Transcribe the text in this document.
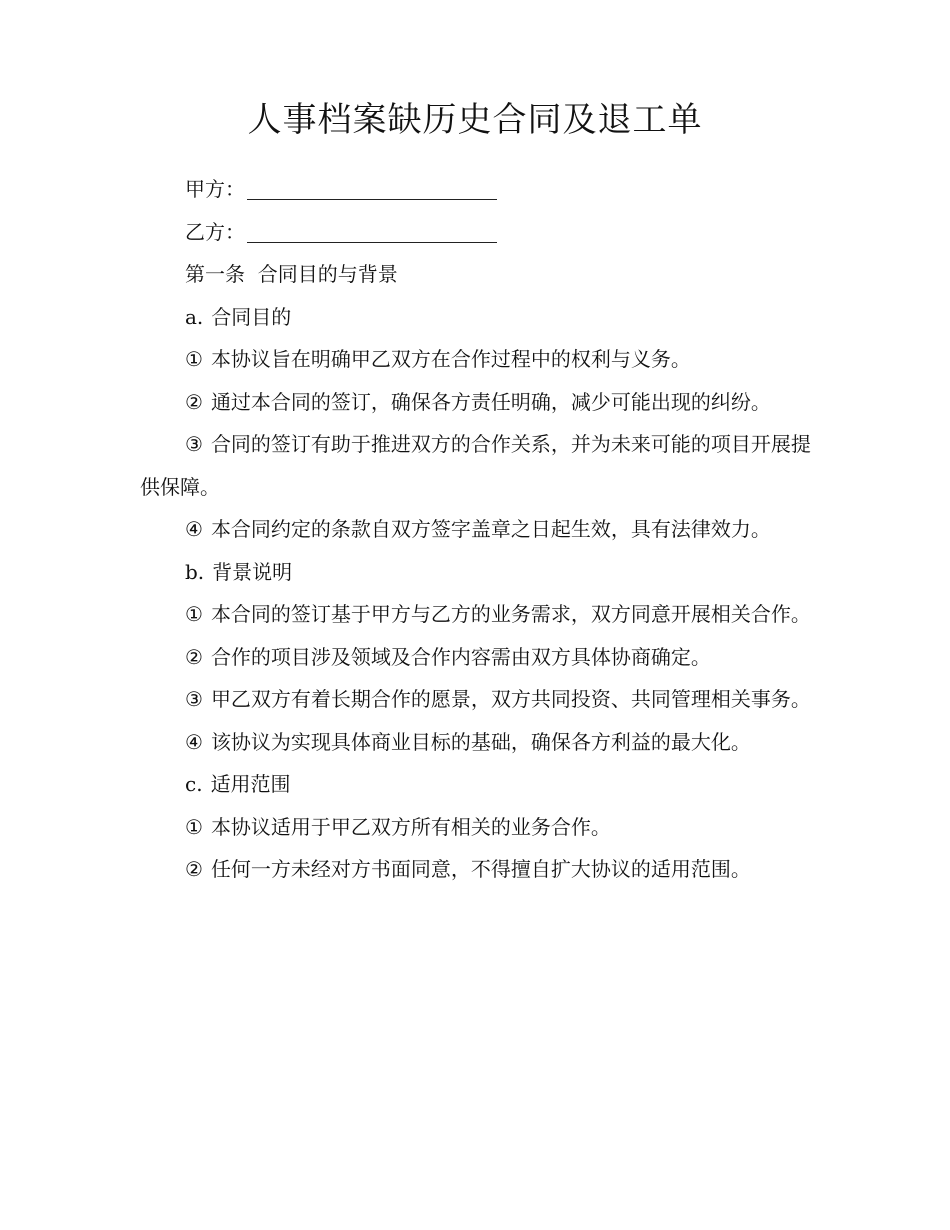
人事档案缺历史合同及退工单
甲方：
乙方：

第一条  合同目的与背景

a. 合同目的

① 本协议旨在明确甲乙双方在合作过程中的权利与义务。

② 通过本合同的签订，确保各方责任明确，减少可能出现的纠纷。

③ 合同的签订有助于推进双方的合作关系，并为未来可能的项目开展提供保障。

④ 本合同约定的条款自双方签字盖章之日起生效，具有法律效力。

b. 背景说明

① 本合同的签订基于甲方与乙方的业务需求，双方同意开展相关合作。

② 合作的项目涉及领域及合作内容需由双方具体协商确定。

③ 甲乙双方有着长期合作的愿景，双方共同投资、共同管理相关事务。

④ 该协议为实现具体商业目标的基础，确保各方利益的最大化。

c. 适用范围

① 本协议适用于甲乙双方所有相关的业务合作。

② 任何一方未经对方书面同意，不得擅自扩大协议的适用范围。
